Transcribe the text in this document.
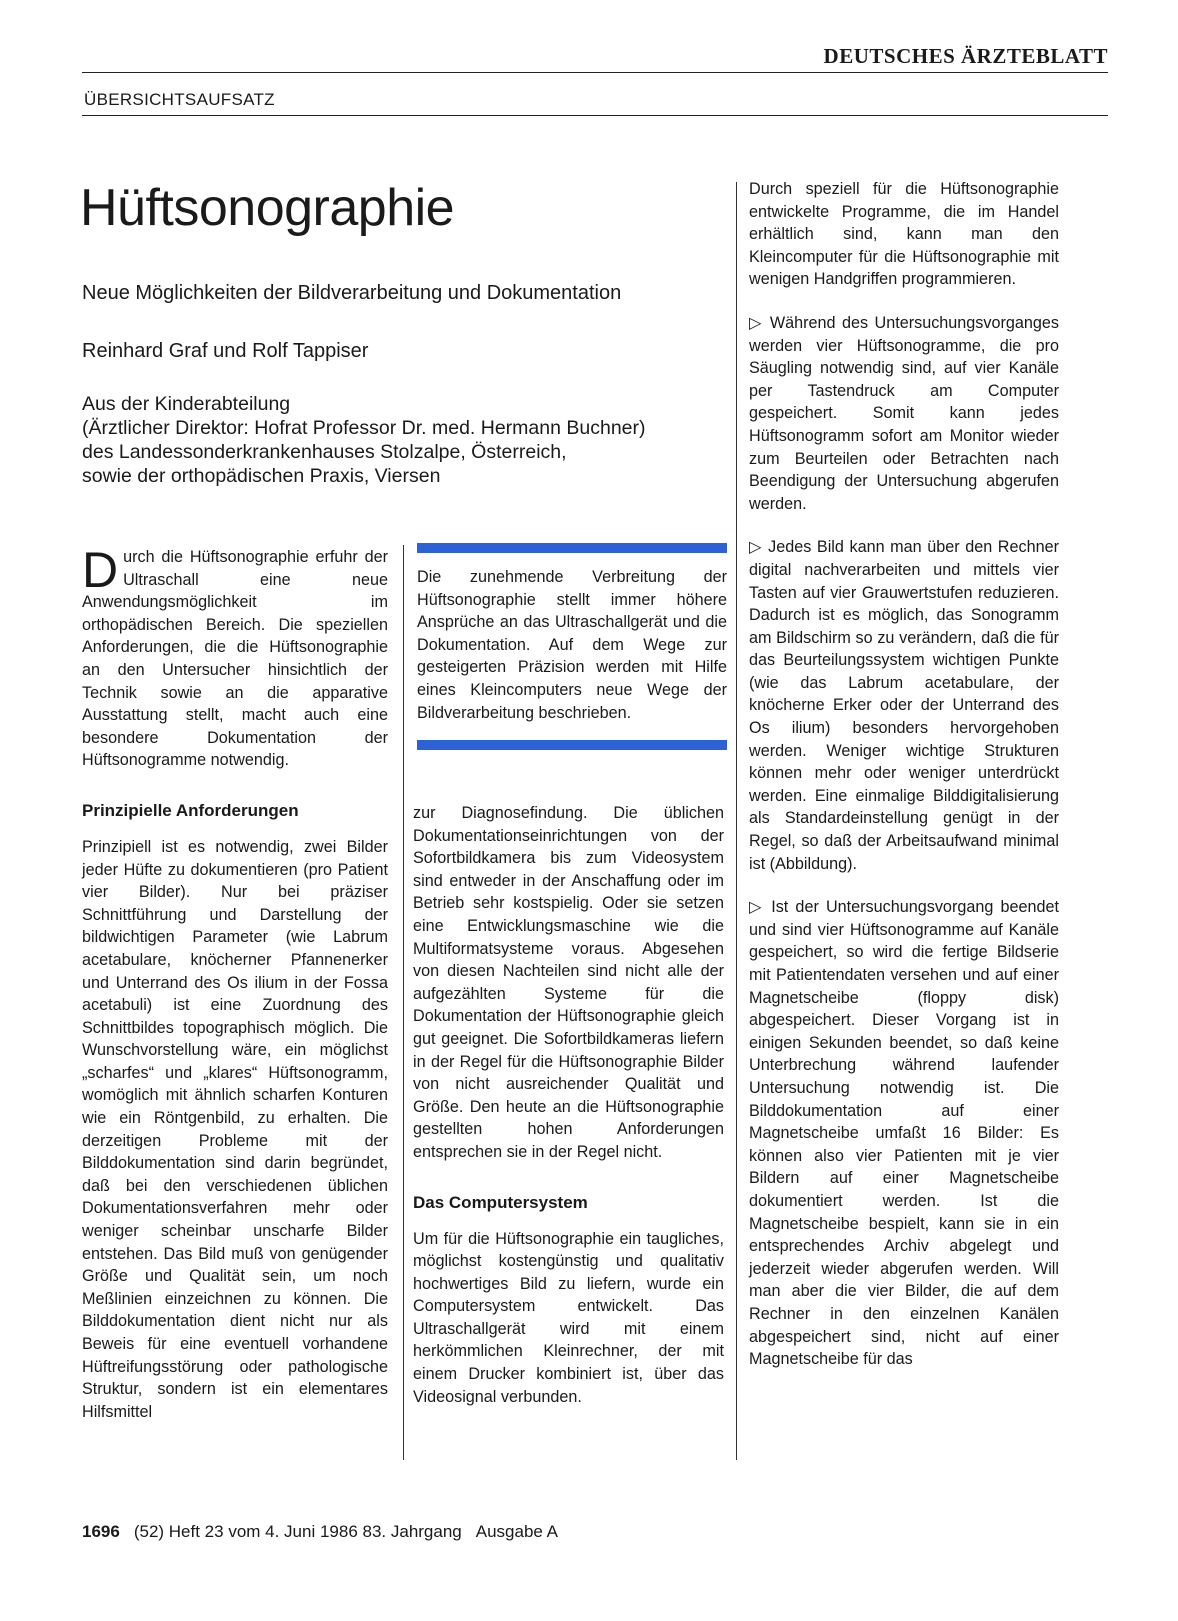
DEUTSCHES ÄRZTEBLATT
ÜBERSICHTSAUFSATZ
Hüftsonographie
Neue Möglichkeiten der Bildverarbeitung und Dokumentation
Reinhard Graf und Rolf Tappiser
Aus der Kinderabteilung
(Ärztlicher Direktor: Hofrat Professor Dr. med. Hermann Buchner)
des Landessonderkrankenhauses Stolzalpe, Österreich,
sowie der orthopädischen Praxis, Viersen

Durch die Hüftsonographie erfuhr der Ultraschall eine neue Anwendungsmöglichkeit im orthopädischen Bereich. Die speziellen Anforderungen, die die Hüftsonographie an den Untersucher hinsichtlich der Technik sowie an die apparative Ausstattung stellt, macht auch eine besondere Dokumentation der Hüftsonogramme notwendig.

Prinzipielle Anforderungen

Prinzipiell ist es notwendig, zwei Bilder jeder Hüfte zu dokumentieren (pro Patient vier Bilder). Nur bei präziser Schnittführung und Darstellung der bildwichtigen Parameter (wie Labrum acetabulare, knöcherner Pfannenerker und Unterrand des Os ilium in der Fossa acetabuli) ist eine Zuordnung des Schnittbildes topographisch möglich. Die Wunschvorstellung wäre, ein möglichst „scharfes“ und „klares“ Hüftsonogramm, womöglich mit ähnlich scharfen Konturen wie ein Röntgenbild, zu erhalten. Die derzeitigen Probleme mit der Bilddokumentation sind darin begründet, daß bei den verschiedenen üblichen Dokumentationsverfahren mehr oder weniger scheinbar unscharfe Bilder entstehen. Das Bild muß von genügender Größe und Qualität sein, um noch Meßlinien einzeichnen zu können. Die Bilddokumentation dient nicht nur als Beweis für eine eventuell vorhandene Hüftreifungsstörung oder pathologische Struktur, sondern ist ein elementares Hilfsmittel

Die zunehmende Verbreitung der Hüftsonographie stellt immer höhere Ansprüche an das Ultraschallgerät und die Dokumentation. Auf dem Wege zur gesteigerten Präzision werden mit Hilfe eines Kleincomputers neue Wege der Bildverarbeitung beschrieben.

zur Diagnosefindung. Die üblichen Dokumentationseinrichtungen von der Sofortbildkamera bis zum Videosystem sind entweder in der Anschaffung oder im Betrieb sehr kostspielig. Oder sie setzen eine Entwicklungsmaschine wie die Multiformatsysteme voraus. Abgesehen von diesen Nachteilen sind nicht alle der aufgezählten Systeme für die Dokumentation der Hüftsonographie gleich gut geeignet. Die Sofortbildkameras liefern in der Regel für die Hüftsonographie Bilder von nicht ausreichender Qualität und Größe. Den heute an die Hüftsonographie gestellten hohen Anforderungen entsprechen sie in der Regel nicht.

Das Computersystem

Um für die Hüftsonographie ein taugliches, möglichst kostengünstig und qualitativ hochwertiges Bild zu liefern, wurde ein Computersystem entwickelt. Das Ultraschallgerät wird mit einem herkömmlichen Kleinrechner, der mit einem Drucker kombiniert ist, über das Videosignal verbunden.

Durch speziell für die Hüftsonographie entwickelte Programme, die im Handel erhältlich sind, kann man den Kleincomputer für die Hüftsonographie mit wenigen Handgriffen programmieren.

▷ Während des Untersuchungsvorganges werden vier Hüftsonogramme, die pro Säugling notwendig sind, auf vier Kanäle per Tastendruck am Computer gespeichert. Somit kann jedes Hüftsonogramm sofort am Monitor wieder zum Beurteilen oder Betrachten nach Beendigung der Untersuchung abgerufen werden.

▷ Jedes Bild kann man über den Rechner digital nachverarbeiten und mittels vier Tasten auf vier Grauwertstufen reduzieren. Dadurch ist es möglich, das Sonogramm am Bildschirm so zu verändern, daß die für das Beurteilungssystem wichtigen Punkte (wie das Labrum acetabulare, der knöcherne Erker oder der Unterrand des Os ilium) besonders hervorgehoben werden. Weniger wichtige Strukturen können mehr oder weniger unterdrückt werden. Eine einmalige Bilddigitalisierung als Standardeinstellung genügt in der Regel, so daß der Arbeitsaufwand minimal ist (Abbildung).

▷ Ist der Untersuchungsvorgang beendet und sind vier Hüftsonogramme auf Kanäle gespeichert, so wird die fertige Bildserie mit Patientendaten versehen und auf einer Magnetscheibe (floppy disk) abgespeichert. Dieser Vorgang ist in einigen Sekunden beendet, so daß keine Unterbrechung während laufender Untersuchung notwendig ist. Die Bilddokumentation auf einer Magnetscheibe umfaßt 16 Bilder: Es können also vier Patienten mit je vier Bildern auf einer Magnetscheibe dokumentiert werden. Ist die Magnetscheibe bespielt, kann sie in ein entsprechendes Archiv abgelegt und jederzeit wieder abgerufen werden. Will man aber die vier Bilder, die auf dem Rechner in den einzelnen Kanälen abgespeichert sind, nicht auf einer Magnetscheibe für das

1696 (52) Heft 23 vom 4. Juni 1986 83. Jahrgang Ausgabe A
